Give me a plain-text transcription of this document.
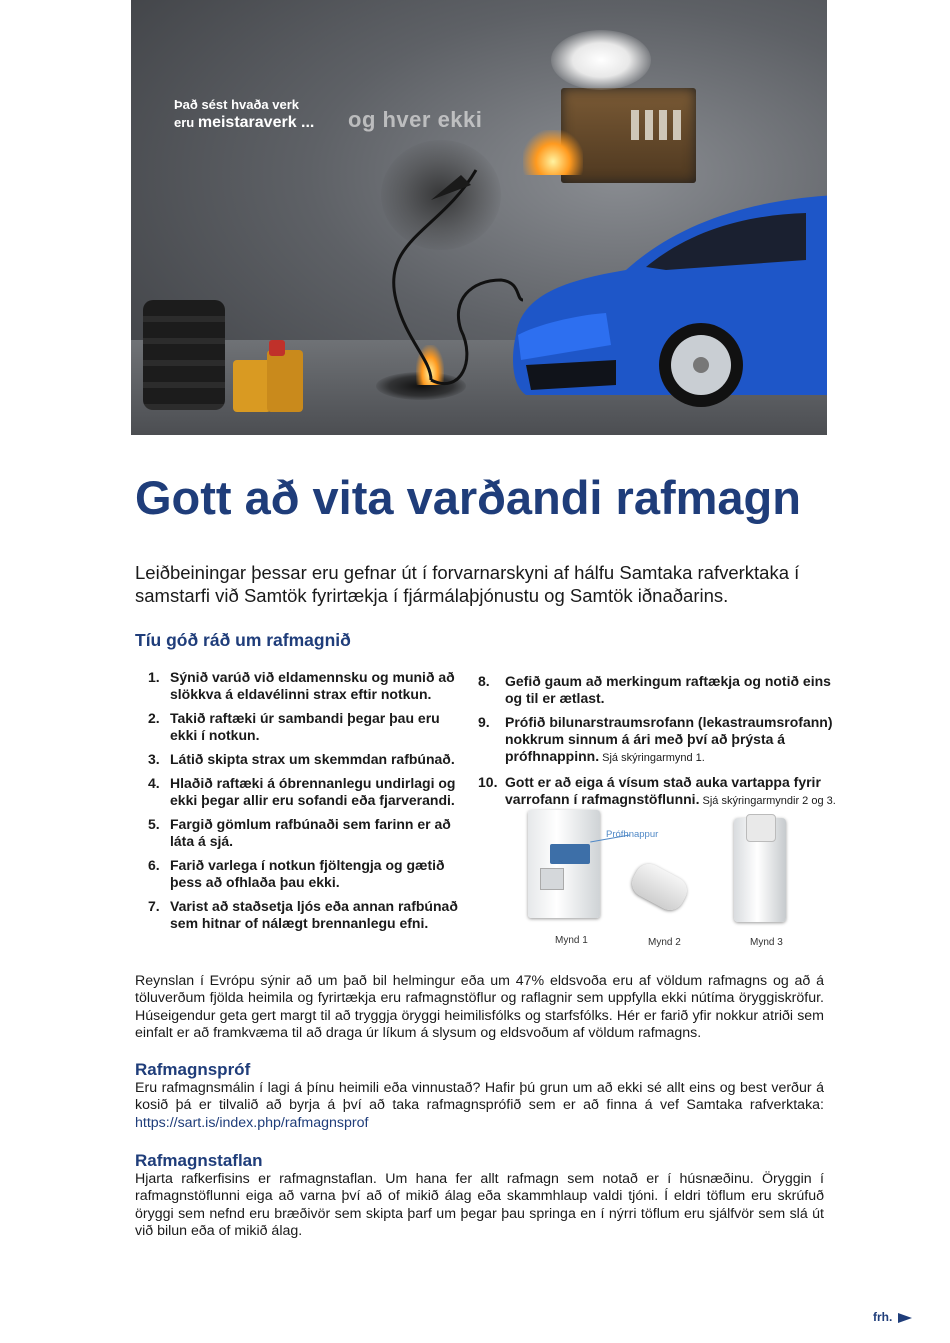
Það sést hvaða verk
eru meistaraverk ... og hver ekki
Gott að vita varðandi rafmagn
Leiðbeiningar þessar eru gefnar út í forvarnarskyni af hálfu Samtaka rafverktaka í samstarfi við Samtök fyrirtækja í fjármálaþjónustu og Samtök iðnaðarins.
Tíu góð ráð um rafmagnið
1. Sýnið varúð við eldamennsku og munið að slökkva á eldavélinni strax eftir notkun.
2. Takið raftæki úr sambandi þegar þau eru ekki í notkun.
3. Látið skipta strax um skemmdan rafbúnað.
4. Hlaðið raftæki á óbrennanlegu undirlagi og ekki þegar allir eru sofandi eða fjarverandi.
5. Fargið gömlum rafbúnaði sem farinn er að láta á sjá.
6. Farið varlega í notkun fjöltengja og gætið þess að ofhlaða þau ekki.
7. Varist að staðsetja ljós eða annan rafbúnað sem hitnar of nálægt brennanlegu efni.
8. Gefið gaum að merkingum raftækja og notið eins og til er ætlast.
9. Prófið bilunarstraumsrofann (lekastraumsrofann) nokkrum sinnum á ári með því að þrýsta á prófhnappinn. Sjá skýringarmynd 1.
10. Gott er að eiga á vísum stað auka vartappa fyrir varrofann í rafmagnstöflunni. Sjá skýringarmyndir 2 og 3.
Prófhnappur
Mynd 1	Mynd 2	Mynd 3

Reynslan í Evrópu sýnir að um það bil helmingur eða um 47% eldsvoða eru af völdum rafmagns og að á töluverðum fjölda heimila og fyrirtækja eru rafmagnstöflur og raflagnir sem uppfylla ekki nútíma öryggiskröfur. Húseigendur geta gert margt til að tryggja öryggi heimilisfólks og starfsfólks. Hér er farið yfir nokkur atriði sem einfalt er að framkvæma til að draga úr líkum á slysum og eldsvoðum af völdum rafmagns.

Rafmagnspróf

Eru rafmagnsmálin í lagi á þínu heimili eða vinnustað? Hafir þú grun um að ekki sé allt eins og best verður á kosið þá er tilvalið að byrja á því að taka rafmagnsprófið sem er að finna á vef Samtaka rafverktaka: https://sart.is/index.php/rafmagnsprof

Rafmagnstaflan

Hjarta rafkerfisins er rafmagnstaflan. Um hana fer allt rafmagn sem notað er í húsnæðinu. Öryggin í rafmagnstöflunni eiga að varna því að of mikið álag eða skammhlaup valdi tjóni. Í eldri töflum eru skrúfuð öryggi sem nefnd eru bræðivör sem skipta þarf um þegar þau springa en í nýrri töflum eru sjálfvör sem slá út við bilun eða of mikið álag.

frh.
